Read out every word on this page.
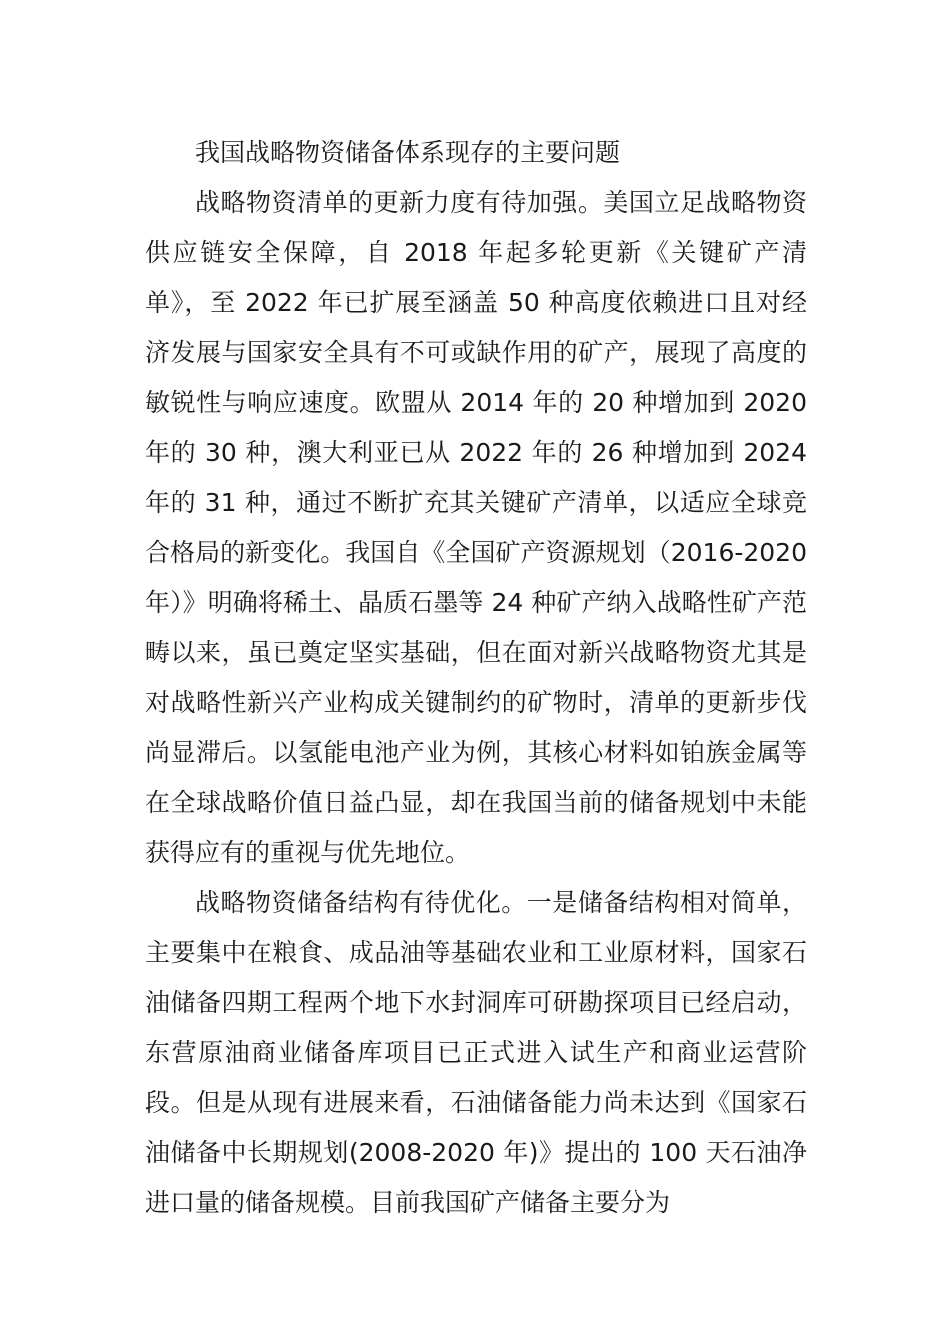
我国战略物资储备体系现存的主要问题

战略物资清单的更新力度有待加强。美国立足战略物资供应链安全保障，自 2018 年起多轮更新《关键矿产清单》，至 2022 年已扩展至涵盖 50 种高度依赖进口且对经济发展与国家安全具有不可或缺作用的矿产，展现了高度的敏锐性与响应速度。欧盟从 2014 年的 20 种增加到 2020 年的 30 种，澳大利亚已从 2022 年的 26 种增加到 2024 年的 31 种，通过不断扩充其关键矿产清单，以适应全球竞合格局的新变化。我国自《全国矿产资源规划（2016-2020 年）》明确将稀土、晶质石墨等 24 种矿产纳入战略性矿产范畴以来，虽已奠定坚实基础，但在面对新兴战略物资尤其是对战略性新兴产业构成关键制约的矿物时，清单的更新步伐尚显滞后。以氢能电池产业为例，其核心材料如铂族金属等在全球战略价值日益凸显，却在我国当前的储备规划中未能获得应有的重视与优先地位。

战略物资储备结构有待优化。一是储备结构相对简单，主要集中在粮食、成品油等基础农业和工业原材料，国家石油储备四期工程两个地下水封洞库可研勘探项目已经启动，东营原油商业储备库项目已正式进入试生产和商业运营阶段。但是从现有进展来看，石油储备能力尚未达到《国家石油储备中长期规划(2008-2020 年)》提出的 100 天石油净进口量的储备规模。目前我国矿产储备主要分为
